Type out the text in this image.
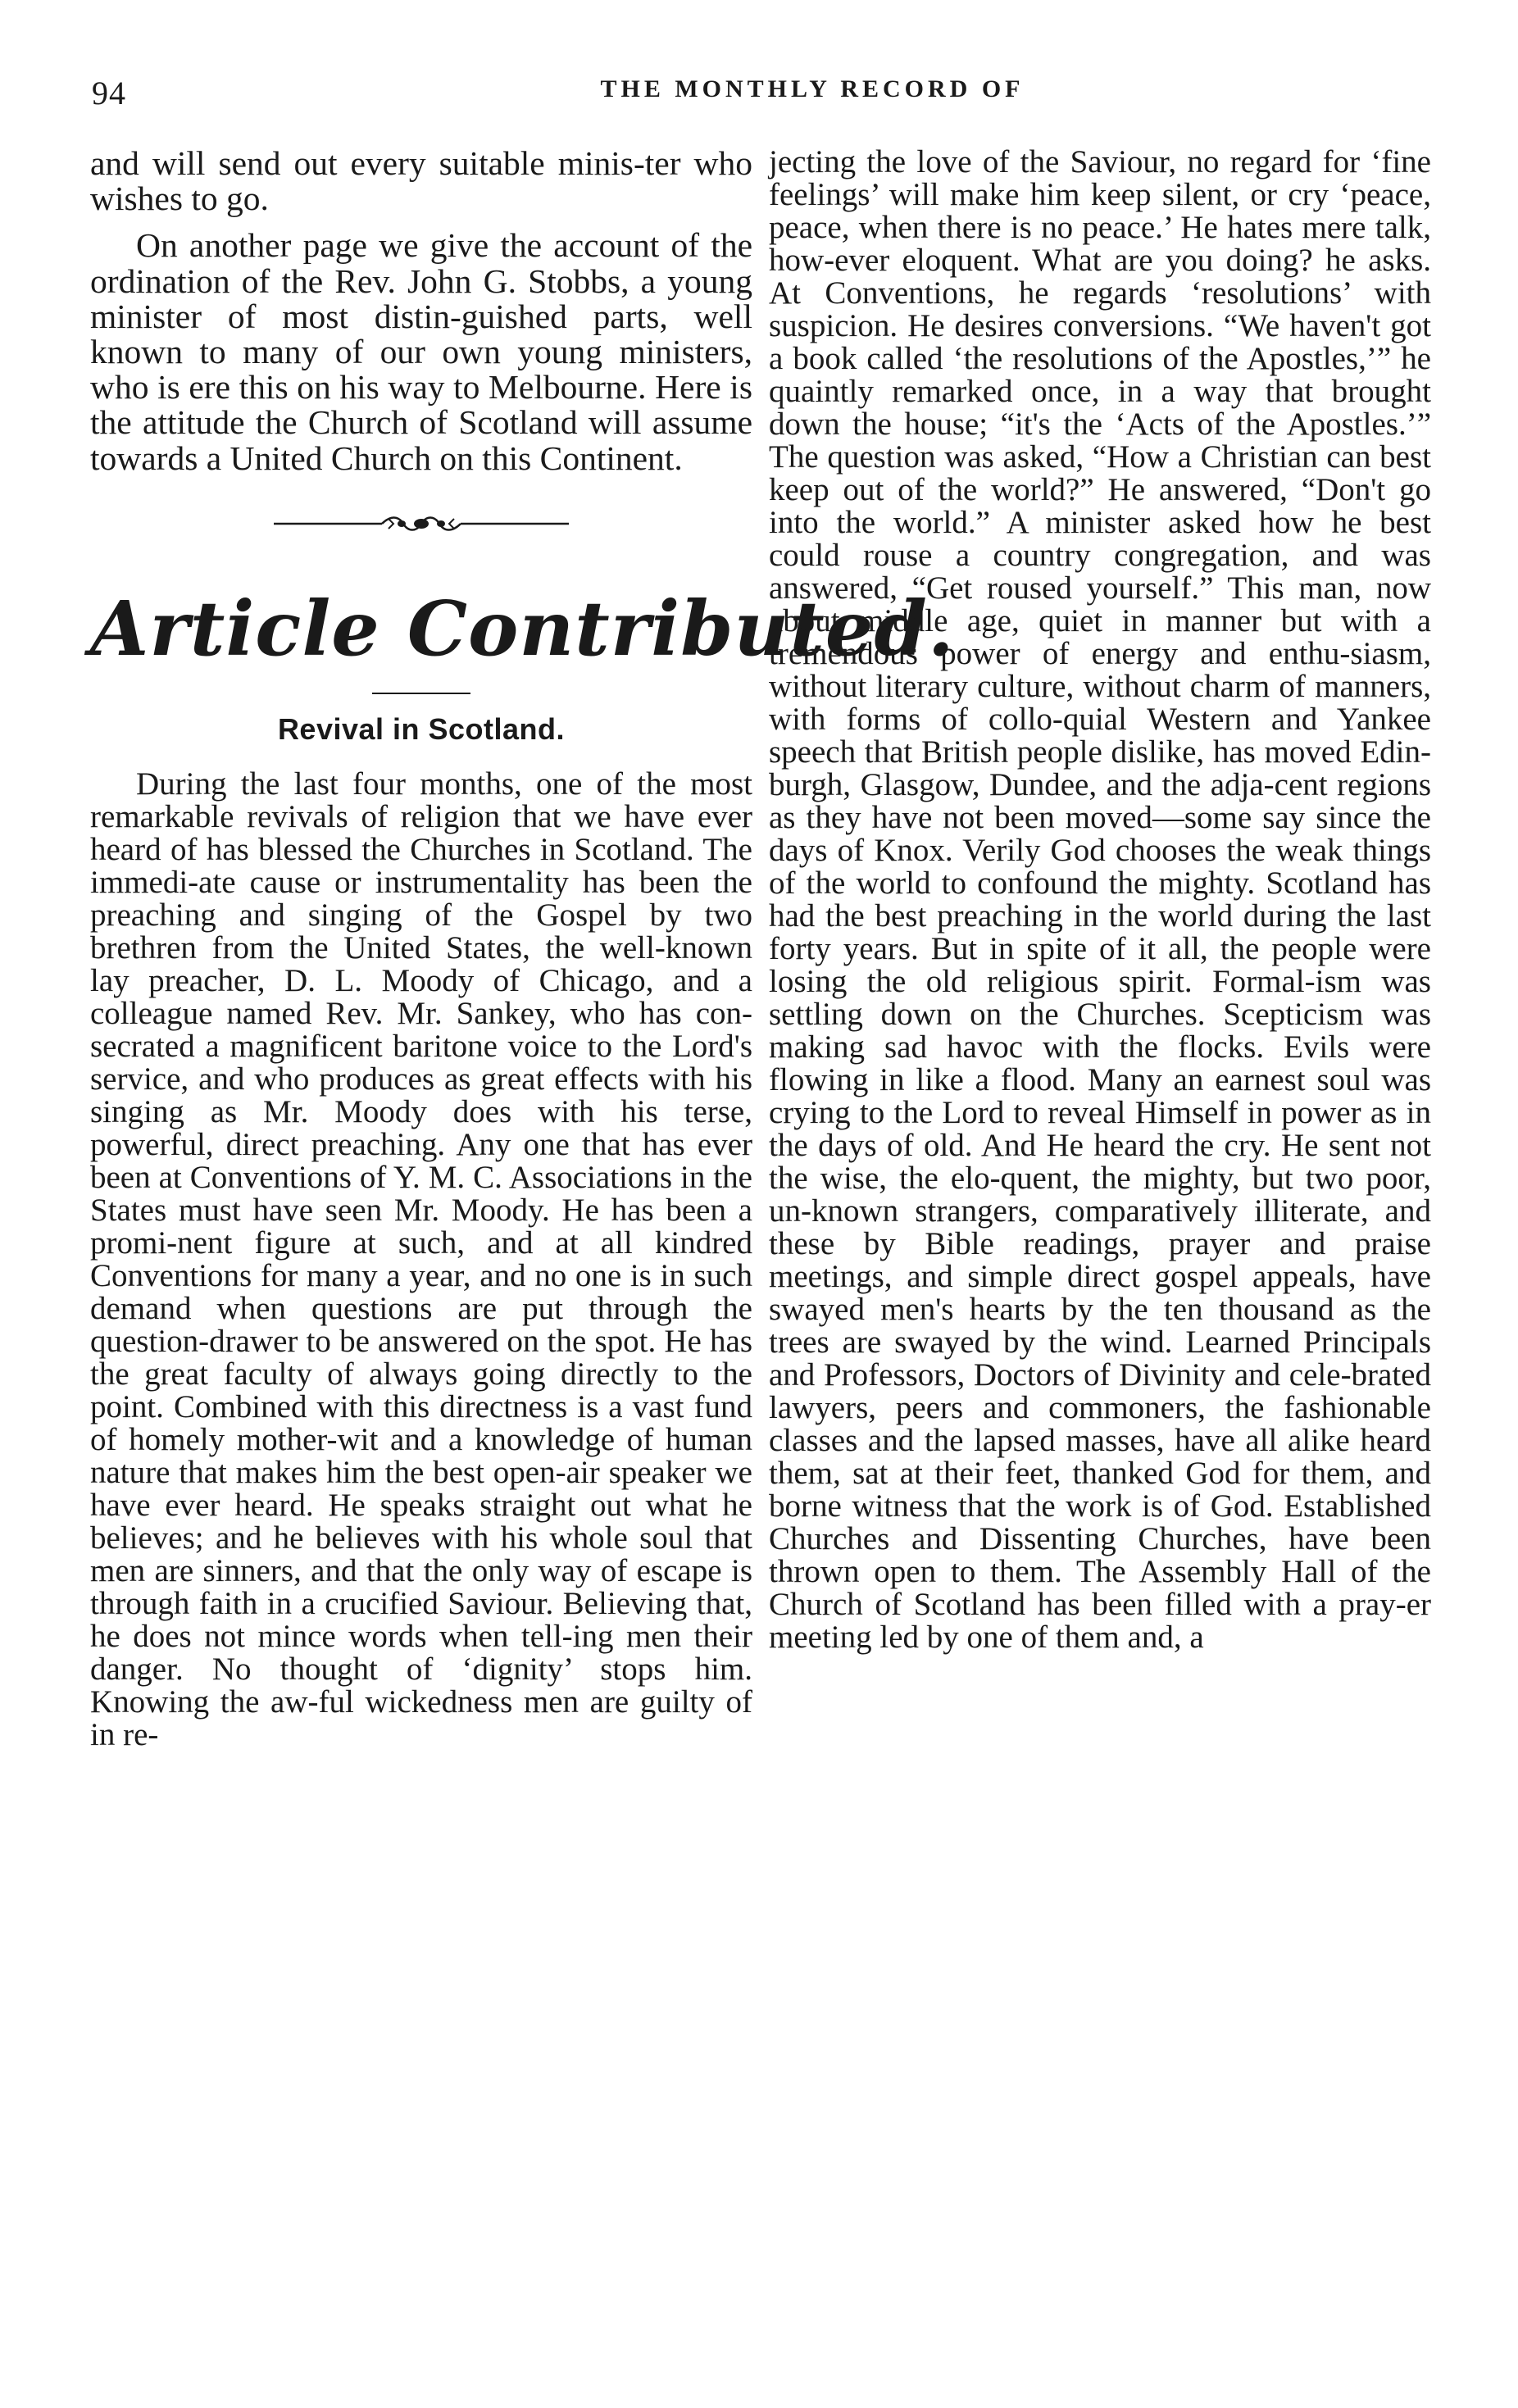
94	THE MONTHLY RECORD OF

and will send out every suitable minis-ter who wishes to go.

On another page we give the account of the ordination of the Rev. John G. Stobbs, a young minister of most distin-guished parts, well known to many of our own young ministers, who is ere this on his way to Melbourne. Here is the attitude the Church of Scotland will assume towards a United Church on this Continent.

Article Contributed.
Revival in Scotland.

During the last four months, one of the most remarkable revivals of religion that we have ever heard of has blessed the Churches in Scotland. The immedi-ate cause or instrumentality has been the preaching and singing of the Gospel by two brethren from the United States, the well-known lay preacher, D. L. Moody of Chicago, and a colleague named Rev. Mr. Sankey, who has con-secrated a magnificent baritone voice to the Lord's service, and who produces as great effects with his singing as Mr. Moody does with his terse, powerful, direct preaching. Any one that has ever been at Conventions of Y. M. C. Associations in the States must have seen Mr. Moody. He has been a promi-nent figure at such, and at all kindred Conventions for many a year, and no one is in such demand when questions are put through the question-drawer to be answered on the spot. He has the great faculty of always going directly to the point. Combined with this directness is a vast fund of homely mother-wit and a knowledge of human nature that makes him the best open-air speaker we have ever heard. He speaks straight out what he believes; and he believes with his whole soul that men are sinners, and that the only way of escape is through faith in a crucified Saviour. Believing that, he does not mince words when tell-ing men their danger. No thought of ‘dignity’ stops him. Knowing the aw-ful wickedness men are guilty of in re-

jecting the love of the Saviour, no regard for ‘fine feelings’ will make him keep silent, or cry ‘peace, peace, when there is no peace.’ He hates mere talk, how-ever eloquent. What are you doing? he asks. At Conventions, he regards ‘resolutions’ with suspicion. He desires conversions. “We haven't got a book called ‘the resolutions of the Apostles,’” he quaintly remarked once, in a way that brought down the house; “it's the ‘Acts of the Apostles.’” The question was asked, “How a Christian can best keep out of the world?” He answered, “Don't go into the world.” A minister asked how he best could rouse a country congregation, and was answered, “Get roused yourself.” This man, now about middle age, quiet in manner but with a tremendous power of energy and enthu-siasm, without literary culture, without charm of manners, with forms of collo-quial Western and Yankee speech that British people dislike, has moved Edin-burgh, Glasgow, Dundee, and the adja-cent regions as they have not been moved—some say since the days of Knox. Verily God chooses the weak things of the world to confound the mighty. Scotland has had the best preaching in the world during the last forty years. But in spite of it all, the people were losing the old religious spirit. Formal-ism was settling down on the Churches. Scepticism was making sad havoc with the flocks. Evils were flowing in like a flood. Many an earnest soul was crying to the Lord to reveal Himself in power as in the days of old. And He heard the cry. He sent not the wise, the elo-quent, the mighty, but two poor, un-known strangers, comparatively illiterate, and these by Bible readings, prayer and praise meetings, and simple direct gospel appeals, have swayed men's hearts by the ten thousand as the trees are swayed by the wind. Learned Principals and Professors, Doctors of Divinity and cele-brated lawyers, peers and commoners, the fashionable classes and the lapsed masses, have all alike heard them, sat at their feet, thanked God for them, and borne witness that the work is of God. Established Churches and Dissenting Churches, have been thrown open to them. The Assembly Hall of the Church of Scotland has been filled with a pray-er meeting led by one of them and, a
